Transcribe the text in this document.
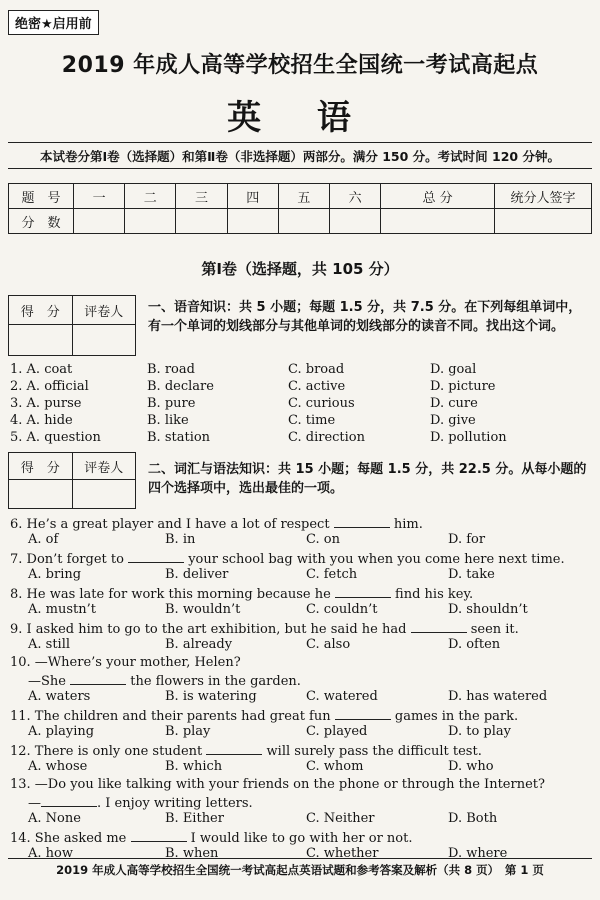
绝密★启用前
2019 年成人高等学校招生全国统一考试高起点
英 语
本试卷分第Ⅰ卷（选择题）和第Ⅱ卷（非选择题）两部分。满分 150 分。考试时间 120 分钟。
题　号	一	二	三	四	五	六	总 分	统分人签字
分　数								
第Ⅰ卷（选择题，共 105 分）
得　分	评卷人
	一、语音知识：共 5 小题；每题 1.5 分，共 7.5 分。在下列每组单词中，有一个单词的划线部分与其他单词的划线部分的读音不同。找出这个词。
1. A. coat	B. road	C. broad	D. goal
2. A. official	B. declare	C. active	D. picture
3. A. purse	B. pure	C. curious	D. cure
4. A. hide	B. like	C. time	D. give
5. A. question	B. station	C. direction	D. pollution
得　分	评卷人
	二、词汇与语法知识：共 15 小题；每题 1.5 分，共 22.5 分。从每小题的四个选择项中，选出最佳的一项。
6. He’s a great player and I have a lot of respect	him.
A. of	B. in	C. on	D. for
7. Don’t forget to	your school bag with you when you come here next time.
A. bring	B. deliver	C. fetch	D. take
8. He was late for work this morning because he	find his key.
A. mustn’t	B. wouldn’t	C. couldn’t	D. shouldn’t
9. I asked him to go to the art exhibition, but he said he had	seen it.
A. still	B. already	C. also	D. often
10. —Where’s your mother, Helen?
—She	the flowers in the garden.
A. waters	B. is watering	C. watered	D. has watered
11. The children and their parents had great fun	games in the park.
A. playing	B. play	C. played	D. to play
12. There is only one student	will surely pass the difficult test.
A. whose	B. which	C. whom	D. who
13. —Do you like talking with your friends on the phone or through the Internet?
—	. I enjoy writing letters.
A. None	B. Either	C. Neither	D. Both
14. She asked me	I would like to go with her or not.
A. how	B. when	C. whether	D. where
2019 年成人高等学校招生全国统一考试高起点英语试题和参考答案及解析（共 8 页）　第 1 页
